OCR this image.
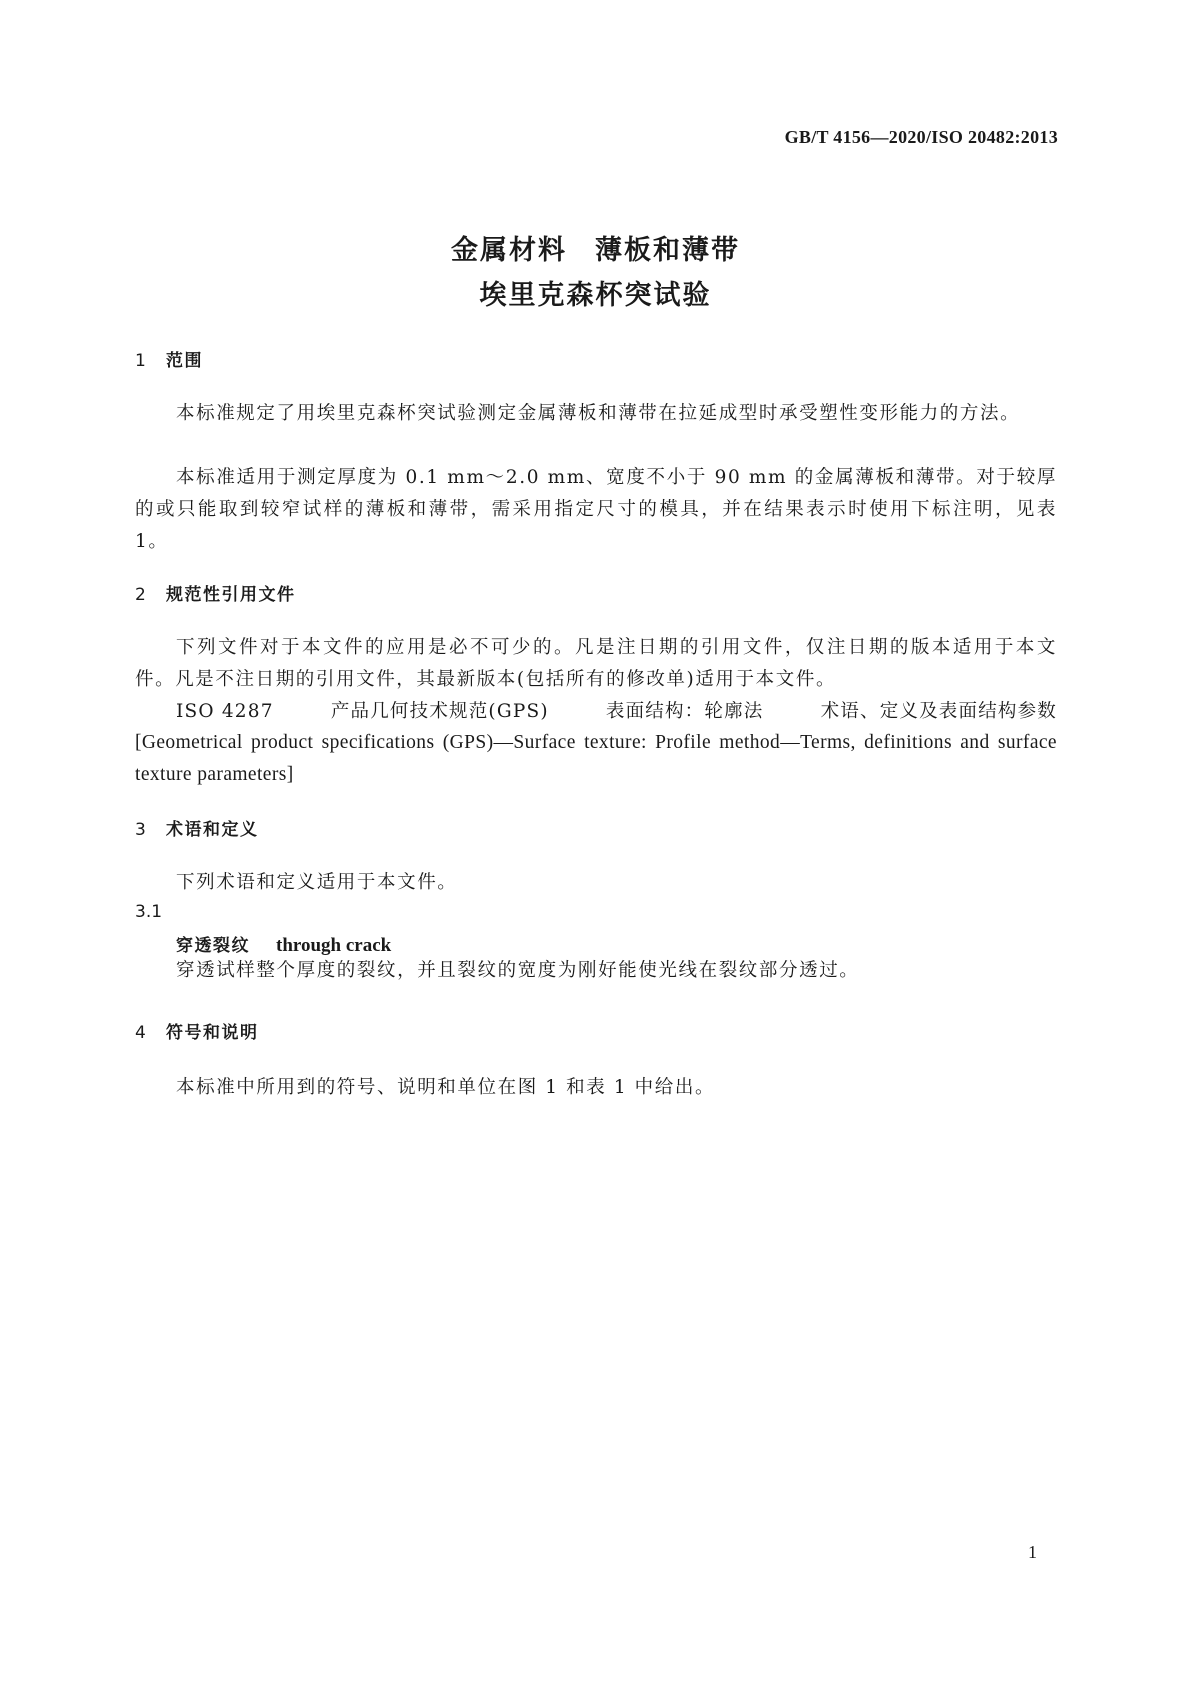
GB/T 4156—2020/ISO 20482:2013
金属材料 薄板和薄带
埃里克森杯突试验
1 范围
本标准规定了用埃里克森杯突试验测定金属薄板和薄带在拉延成型时承受塑性变形能力的方法。
本标准适用于测定厚度为 0.1 mm～2.0 mm、宽度不小于 90 mm 的金属薄板和薄带。对于较厚的或只能取到较窄试样的薄板和薄带，需采用指定尺寸的模具，并在结果表示时使用下标注明，见表 1。
2 规范性引用文件
下列文件对于本文件的应用是必不可少的。凡是注日期的引用文件，仅注日期的版本适用于本文件。凡是不注日期的引用文件，其最新版本(包括所有的修改单)适用于本文件。
ISO 4287	产品几何技术规范(GPS)	表面结构：轮廓法	术语、定义及表面结构参数
[Geometrical product specifications (GPS)—Surface texture: Profile method—Terms, definitions and surface texture parameters]
3 术语和定义
下列术语和定义适用于本文件。
3.1
穿透裂纹 through crack
穿透试样整个厚度的裂纹，并且裂纹的宽度为刚好能使光线在裂纹部分透过。
4 符号和说明
本标准中所用到的符号、说明和单位在图 1 和表 1 中给出。
1
